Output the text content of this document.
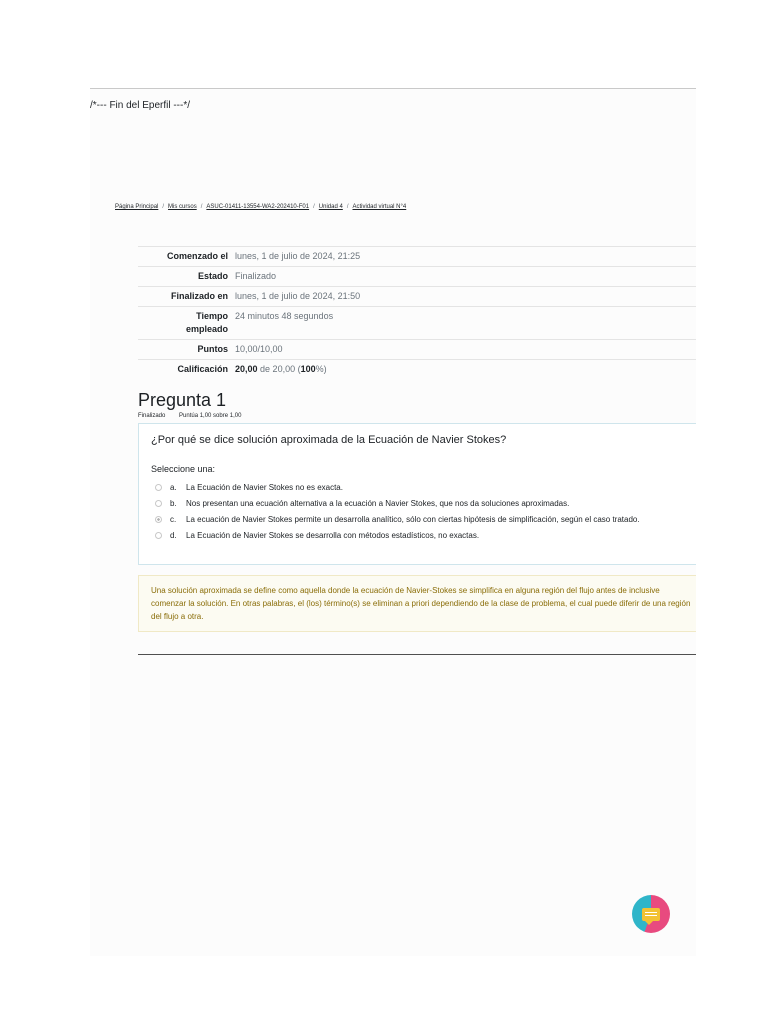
/*--- Fin del Eperfil ---*/
Página Principal / Mis cursos / ASUC-01411-13554-WA2-202410-F01 / Unidad 4 / Actividad virtual N°4
Comenzado el	lunes, 1 de julio de 2024, 21:25
Estado	Finalizado
Finalizado en	lunes, 1 de julio de 2024, 21:50
Tiempo
empleado	24 minutos 48 segundos
Puntos	10,00/10,00
Calificación	20,00 de 20,00 (100%)
Pregunta 1
Finalizado Puntúa 1,00 sobre 1,00
¿Por qué se dice solución aproximada de la Ecuación de Navier Stokes?
Seleccione una:
a.	La Ecuación de Navier Stokes no es exacta.
b.	Nos presentan una ecuación alternativa a la ecuación a Navier Stokes, que nos da soluciones aproximadas.
c.	La ecuación de Navier Stokes permite un desarrolla analítico, sólo con ciertas hipótesis de simplificación, según el caso tratado.
d.	La Ecuación de Navier Stokes se desarrolla con métodos estadísticos, no exactas.
Una solución aproximada se define como aquella donde la ecuación de Navier-Stokes se simplifica en alguna región del flujo antes de inclusive comenzar la solución. En otras palabras, el (los) término(s) se eliminan a priori dependiendo de la clase de problema, el cual puede diferir de una región del flujo a otra.
